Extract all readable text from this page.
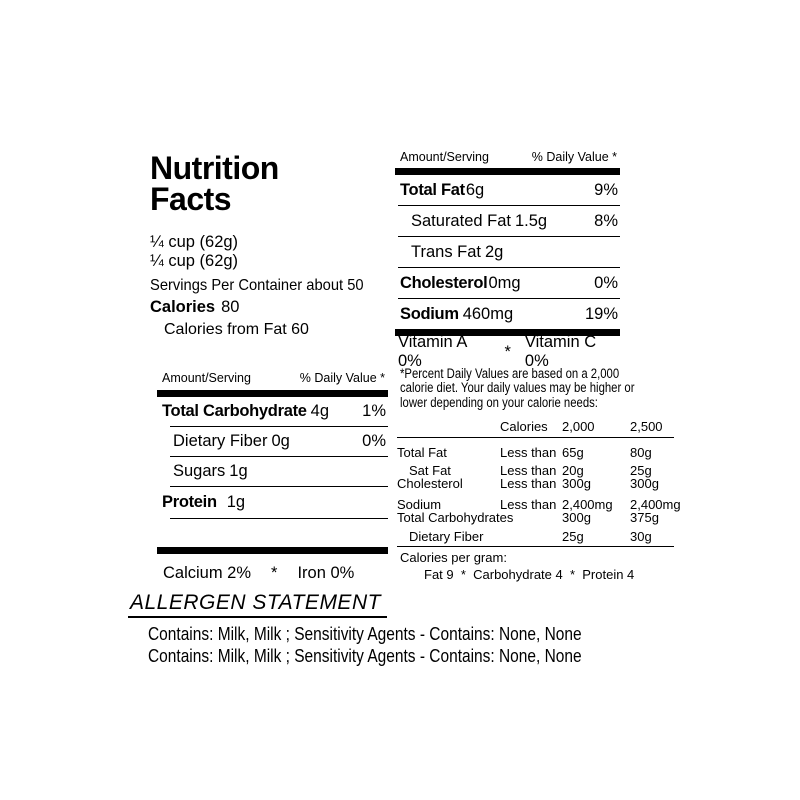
Nutrition
Facts
¼ cup (62g)
¼ cup (62g)
Servings Per Container about 50
Calories 80
Calories from Fat 60
Amount/Serving	% Daily Value *
Total Carbohydrate 4g 1%
Dietary Fiber 0g	0%
Sugars 1g
Protein 1g
Calcium 2% * Iron 0%
Amount/Serving	% Daily Value *
Total Fat 6g	9%
Saturated Fat 1.5g	8%
Trans Fat 2g
Cholesterol 0mg	0%
Sodium 460mg	19%
Vitamin A 0%
*
Vitamin C 0%
*Percent Daily Values are based on a 2,000
calorie diet. Your daily values may be higher or
lower depending on your calorie needs:
Calories	2,000	2,500
Total Fat	Less than 65g	80g
Sat Fat	Less than 20g	25g
Cholesterol	Less than 300g	300g
Sodium	Less than 2,400mg	2,400mg
Total Carbohydrates	300g	375g
Dietary Fiber	25g	30g
Calories per gram:
Fat 9  *  Carbohydrate 4  *  Protein 4
ALLERGEN STATEMENT
Contains: Milk, Milk ; Sensitivity Agents - Contains: None, None
Contains: Milk, Milk ; Sensitivity Agents - Contains: None, None
